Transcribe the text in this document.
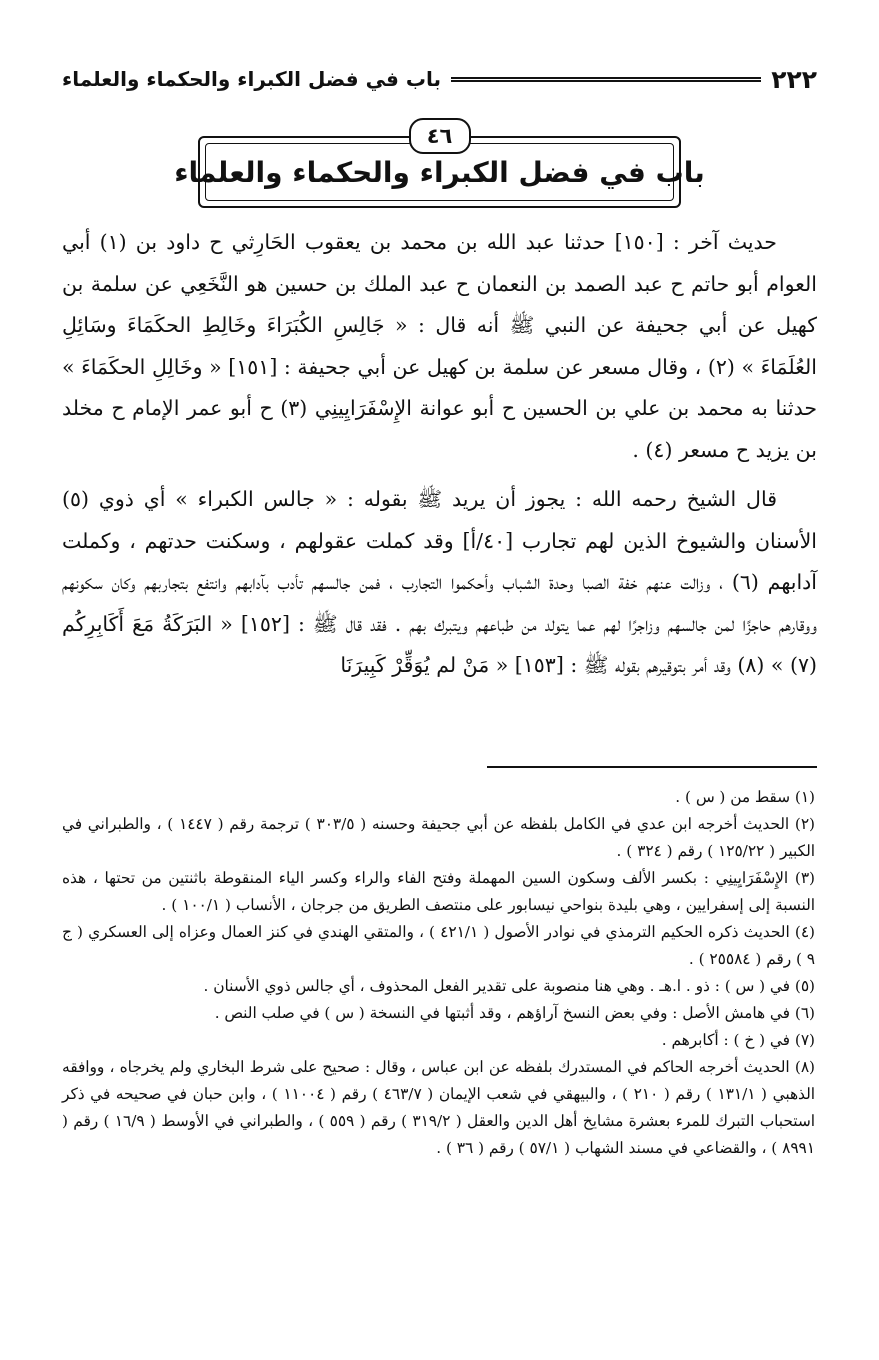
٢٢٢
باب في فضل الكبراء والحكماء والعلماء
باب في فضل الكبراء والحكماء والعلماء
٤٦

حديث آخر : [١٥٠] حدثنا عبد الله بن محمد بن يعقوب الحَارِثي ح داود بن (١) أبي العوام أبو حاتم ح عبد الصمد بن النعمان ح عبد الملك بن حسين هو النَّخَعِي عن سلمة بن كهيل عن أبي جحيفة عن النبي ﷺ أنه قال : « جَالِسِ الكُبَرَاءَ وخَالِطِ الحكَمَاءَ وسَائِلِ العُلَمَاءَ » (٢) ، وقال مسعر عن سلمة بن كهيل عن أبي جحيفة : [١٥١] « وخَالِلِ الحكَمَاءَ » حدثنا به محمد بن علي بن الحسين ح أبو عوانة الإِسْفَرَايِينِي (٣) ح أبو عمر الإمام ح مخلد بن يزيد ح مسعر (٤) .

قال الشيخ رحمه الله : يجوز أن يريد ﷺ بقوله : « جالس الكبراء » أي ذوي (٥) الأسنان والشيوخ الذين لهم تجارب [٤٠/أ] وقد كملت عقولهم ، وسكنت حدتهم ، وكملت آدابهم (٦) ، وزالت عنهم خفة الصبا وحدة الشباب وأحكموا التجارب ، فمن جالسهم تأدب بآدابهم وانتفع بتجاربهم وكان سكونهم ووقارهم حاجزًا لمن جالسهم وزاجرًا لهم عما يتولد من طباعهم ويتبرك بهم . فقد قال ﷺ : [١٥٢] « البَرَكَةُ مَعَ أَكَابِرِكُم (٧) » (٨) وقد أمر بتوقيرهم بقوله ﷺ : [١٥٣] « مَنْ لم يُوَقِّرْ كَبِيرَنَا

(١) سقط من ( س ) .

(٢) الحديث أخرجه ابن عدي في الكامل بلفظه عن أبي جحيفة وحسنه ( ٣٠٣/٥ ) ترجمة رقم ( ١٤٤٧ ) ، والطبراني في الكبير ( ١٢٥/٢٢ ) رقم ( ٣٢٤ ) .

(٣) الإِسْفَرَايِينِي : بكسر الألف وسكون السين المهملة وفتح الفاء والراء وكسر الياء المنقوطة باثنتين من تحتها ، هذه النسبة إلى إسفرايين ، وهي بليدة بنواحي نيسابور على منتصف الطريق من جرجان ، الأنساب ( ١٠٠/١ ) .

(٤) الحديث ذكره الحكيم الترمذي في نوادر الأصول ( ٤٢١/١ ) ، والمتقي الهندي في كنز العمال وعزاه إلى العسكري ( ج ٩ ) رقم ( ٢٥٥٨٤ ) .

(٥) في ( س ) : ذو . ا.هـ . وهي هنا منصوبة على تقدير الفعل المحذوف ، أي جالس ذوي الأسنان .

(٦) في هامش الأصل : وفي بعض النسخ آراؤهم ، وقد أثبتها في النسخة ( س ) في صلب النص .

(٧) في ( خ ) : أكابرهم .

(٨) الحديث أخرجه الحاكم في المستدرك بلفظه عن ابن عباس ، وقال : صحيح على شرط البخاري ولم يخرجاه ، ووافقه الذهبي ( ١٣١/١ ) رقم ( ٢١٠ ) ، والبيهقي في شعب الإيمان ( ٤٦٣/٧ ) رقم ( ١١٠٠٤ ) ، وابن حبان في صحيحه في ذكر استحباب التبرك للمرء بعشرة مشايخ أهل الدين والعقل ( ٣١٩/٢ ) رقم ( ٥٥٩ ) ، والطبراني في الأوسط ( ١٦/٩ ) رقم ( ٨٩٩١ ) ، والقضاعي في مسند الشهاب ( ٥٧/١ ) رقم ( ٣٦ ) .
